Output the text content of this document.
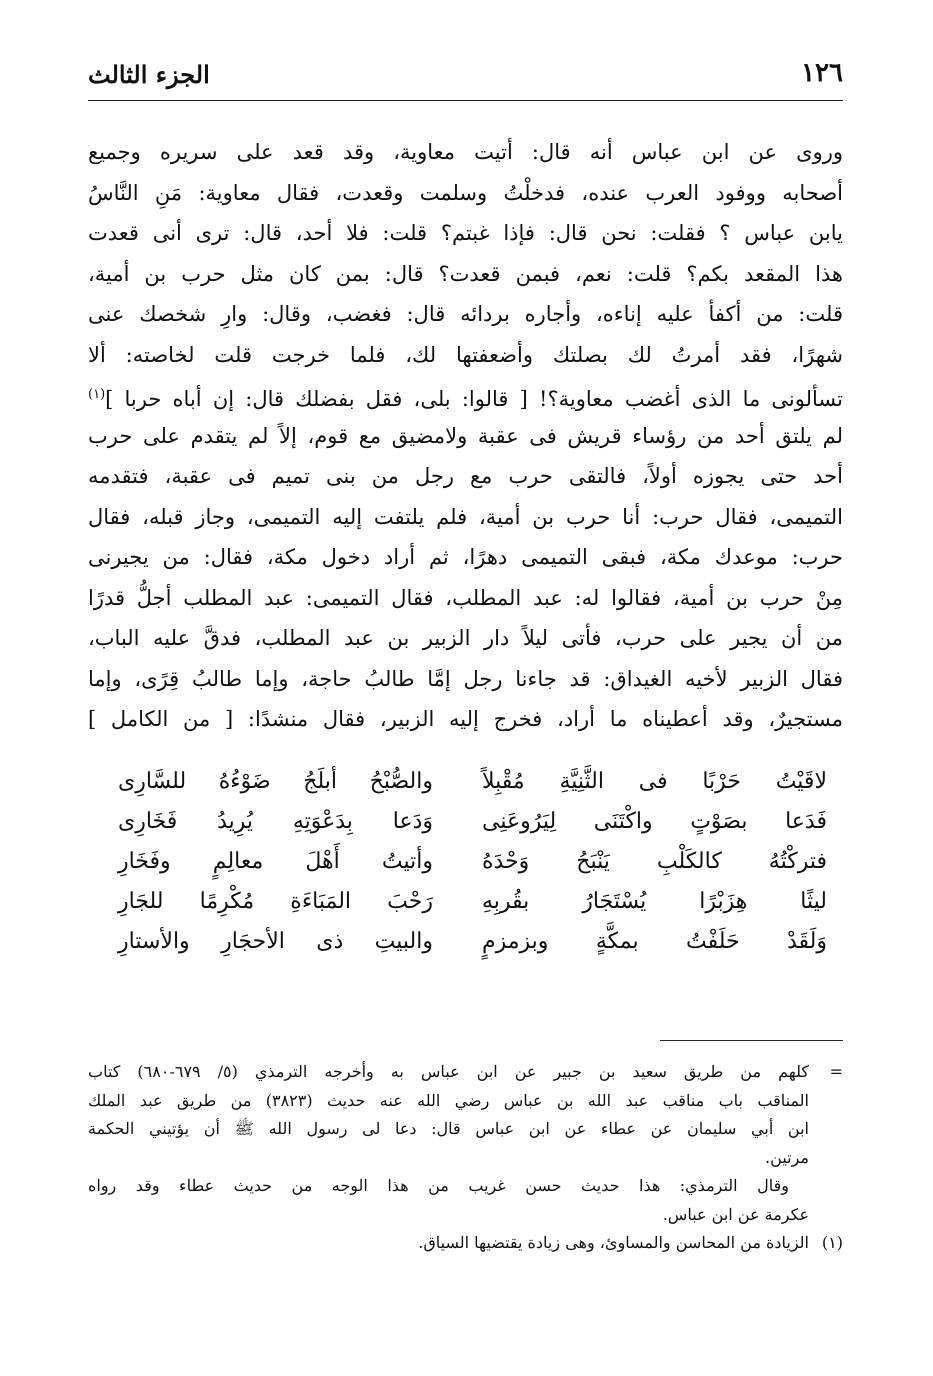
١٢٦
الجزء الثالث
وروى عن ابن عباس أنه قال: أتيت معاوية، وقد قعد على سريره وجميع
أصحابه ووفود العرب عنده، فدخلْتُ وسلمت وقعدت، فقال معاوية: مَنِ النَّاسُ
يابن عباس ؟ فقلت: نحن قال: فإذا غبتم؟ قلت: فلا أحد، قال: ترى أنى قعدت
هذا المقعد بكم؟ قلت: نعم، فبمن قعدت؟ قال: بمن كان مثل حرب بن أمية،
قلت: من أكفأ عليه إناءه، وأجاره بردائه قال: فغضب، وقال: وارِ شخصك عنى
شهرًا، فقد أمرتُ لك بصلتك وأضعفتها لك، فلما خرجت قلت لخاصته: ألا
تسألونى ما الذى أغضب معاوية؟! [ قالوا: بلى، فقل بفضلك قال: إن أباه حربا ]$^{(١)}$
لم يلتق أحد من رؤساء قريش فى عقبة ولامضيق مع قوم، إلاً لم يتقدم على حرب
أحد حتى يجوزه أولاً، فالتقى حرب مع رجل من بنى تميم فى عقبة، فتقدمه
التميمى، فقال حرب: أنا حرب بن أمية، فلم يلتفت إليه التميمى، وجاز قبله، فقال
حرب: موعدك مكة، فبقى التميمى دهرًا، ثم أراد دخول مكة، فقال: من يجيرنى
مِنْ حرب بن أمية، فقالوا له: عبد المطلب، فقال التميمى: عبد المطلب أجلُّ قدرًا
من أن يجير على حرب، فأتى ليلاً دار الزبير بن عبد المطلب، فدقَّ عليه الباب،
فقال الزبير لأخيه الغيداق: قد جاءنا رجل إمَّا طالبُ حاجة، وإما طالبُ قِرًى، وإما
مستجيرٌ، وقد أعطيناه ما أراد، فخرج إليه الزبير، فقال منشدًا: [ من الكامل ]
لاقَيْتُ حَرْبًا فى الثَّنِيَّةِ مُقْبِلاً
والصُّبْحُ أبلَجُ ضَوْءُهُ للسَّارِى
فَدَعا بصَوْتٍ واكْتَنَى لِيَرُوعَنِى
وَدَعا بِدَعْوَتِهِ يُرِيدُ فَخَارِى
فتركْتُهُ كالكَلْبِ يَنْبَحُ وَحْدَهُ
وأتيتُ أَهْلَ معالِمٍ وفَخَارِ
ليثًا هِزَبْرًا يُسْتَجَارُ بقُربِهِ
رَحْبَ المَبَاءَةِ مُكْرِمًا للجَارِ
وَلَقَدْ حَلَفْتُ بمكَّةٍ وبزمزمٍ
والبيتِ ذى الأحجَارِ والأستارِ
=كلهم من طريق سعيد بن جبير عن ابن عباس به وأخرجه الترمذي (٥/ ٦٧٩-٦٨٠) كتاب
المناقب باب مناقب عبد الله بن عباس رضي الله عنه حديث (٣٨٢٣) من طريق عبد الملك
ابن أبي سليمان عن عطاء عن ابن عباس قال: دعا لى رسول الله ﷺ أن يؤتيني الحكمة
مرتين.
وقال الترمذي: هذا حديث حسن غريب من هذا الوجه من حديث عطاء وقد رواه
عكرمة عن ابن عباس.
(١)الزيادة من المحاسن والمساوئ، وهى زيادة يقتضيها السياق.
